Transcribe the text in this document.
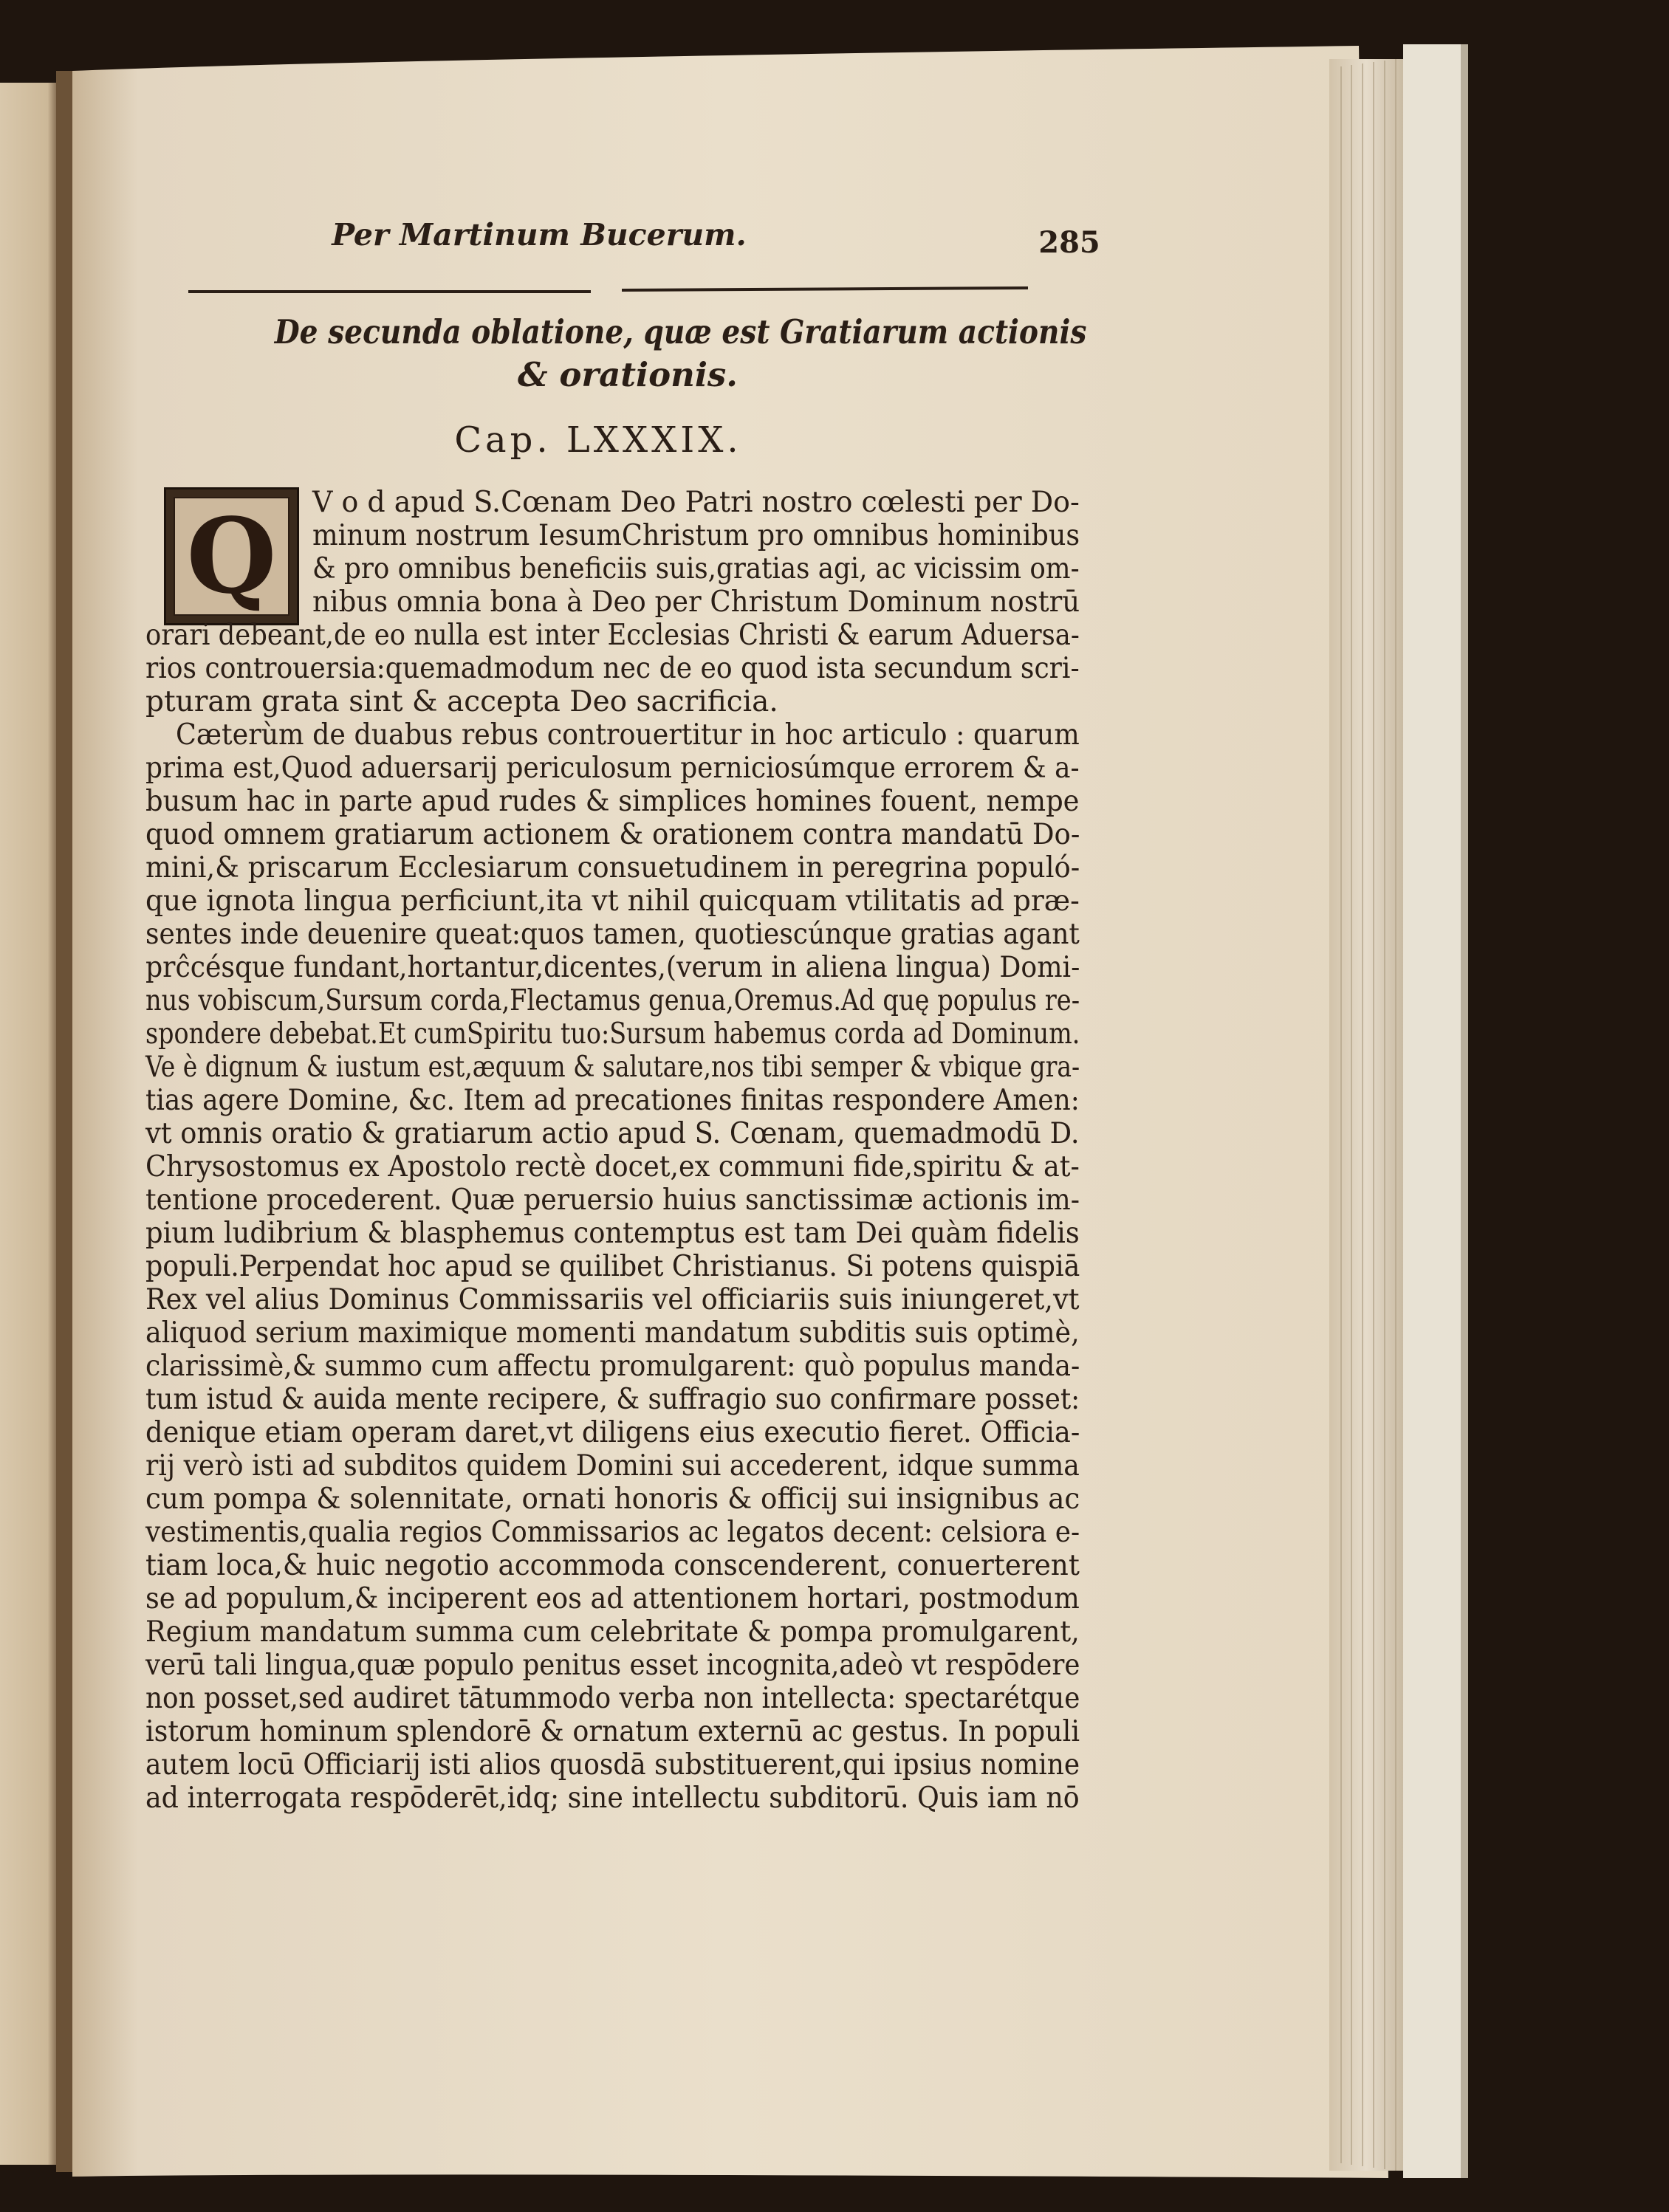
Per Martinum Bucerum.	285
De secunda oblatione, quæ est Gratiarum actionis
& orationis.
Cap. LXXXIX.
Q	V o d apud S.Cœnam Deo Patri nostro cœlesti per Do-
minum nostrum IesumChristum pro omnibus hominibus
& pro omnibus beneficiis suis,gratias agi, ac vicissim om-
nibus omnia bona à Deo per Christum Dominum nostrū
orari debeant,de eo nulla est inter Ecclesias Christi & earum Aduersa-
rios controuersia:quemadmodum nec de eo quod ista secundum scri-
pturam grata sint & accepta Deo sacrificia.
Cæterùm de duabus rebus controuertitur in hoc articulo : quarum
prima est,Quod aduersarij periculosum perniciosúmque errorem & a-
busum hac in parte apud rudes & simplices homines fouent, nempe
quod omnem gratiarum actionem & orationem contra mandatū Do-
mini,& priscarum Ecclesiarum consuetudinem in peregrina populó-
que ignota lingua perficiunt,ita vt nihil quicquam vtilitatis ad præ-
sentes inde deuenire queat:quos tamen, quotiescúnque gratias agant
prĉcésque fundant,hortantur,dicentes,(verum in aliena lingua) Domi-
nus vobiscum,Sursum corda,Flectamus genua,Oremus.Ad quę populus re-
spondere debebat.Et cumSpiritu tuo:Sursum habemus corda ad Dominum.
Ve è dignum & iustum est,æquum & salutare,nos tibi semper & vbique gra-
tias agere Domine, &c. Item ad precationes finitas respondere Amen:
vt omnis oratio & gratiarum actio apud S. Cœnam, quemadmodū D.
Chrysostomus ex Apostolo rectè docet,ex communi fide,spiritu & at-
tentione procederent. Quæ peruersio huius sanctissimæ actionis im-
pium ludibrium & blasphemus contemptus est tam Dei quàm fidelis
populi.Perpendat hoc apud se quilibet Christianus. Si potens quispiā
Rex vel alius Dominus Commissariis vel officiariis suis iniungeret,vt
aliquod serium maximique momenti mandatum subditis suis optimè,
clarissimè,& summo cum affectu promulgarent: quò populus manda-
tum istud & auida mente recipere, & suffragio suo confirmare posset:
denique etiam operam daret,vt diligens eius executio fieret. Officia-
rij verò isti ad subditos quidem Domini sui accederent, idque summa
cum pompa & solennitate, ornati honoris & officij sui insignibus ac
vestimentis,qualia regios Commissarios ac legatos decent: celsiora e-
tiam loca,& huic negotio accommoda conscenderent, conuerterent
se ad populum,& inciperent eos ad attentionem hortari, postmodum
Regium mandatum summa cum celebritate & pompa promulgarent,
verū tali lingua,quæ populo penitus esset incognita,adeò vt respōdere
non posset,sed audiret tātummodo verba non intellecta: spectarétque
istorum hominum splendorē & ornatum externū ac gestus. In populi
autem locū Officiarij isti alios quosdā substituerent,qui ipsius nomine
ad interrogata respōderēt,idq; sine intellectu subditorū. Quis iam nō
